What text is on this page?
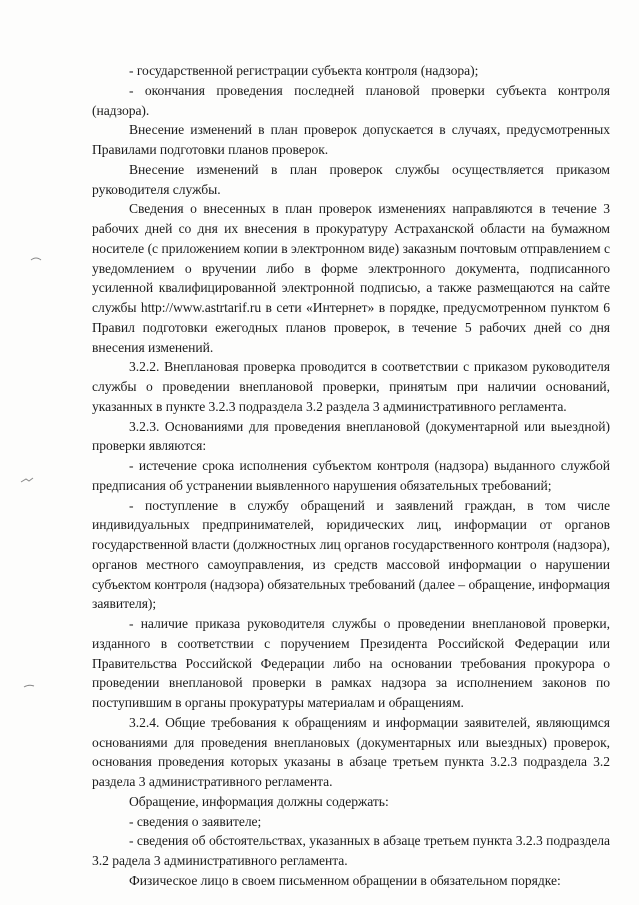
- государственной регистрации субъекта контроля (надзора);

- окончания проведения последней плановой проверки субъекта контроля (надзора).

Внесение изменений в план проверок допускается в случаях, предусмотренных Правилами подготовки планов проверок.

Внесение изменений в план проверок службы осуществляется приказом руководителя службы.

Сведения о внесенных в план проверок изменениях направляются в течение 3 рабочих дней со дня их внесения в прокуратуру Астраханской области на бумажном носителе (с приложением копии в электронном виде) заказным почтовым отправлением с уведомлением о вручении либо в форме электронного документа, подписанного усиленной квалифицированной электронной подписью, а также размещаются на сайте службы http://www.astrtarif.ru в сети «Интернет» в порядке, предусмотренном пунктом 6 Правил подготовки ежегодных планов проверок, в течение 5 рабочих дней со дня внесения изменений.

3.2.2. Внеплановая проверка проводится в соответствии с приказом руководителя службы о проведении внеплановой проверки, принятым при наличии оснований, указанных в пункте 3.2.3 подраздела 3.2 раздела 3 административного регламента.

3.2.3. Основаниями для проведения внеплановой (документарной или выездной) проверки являются:

- истечение срока исполнения субъектом контроля (надзора) выданного службой предписания об устранении выявленного нарушения обязательных требований;

- поступление в службу обращений и заявлений граждан, в том числе индивидуальных предпринимателей, юридических лиц, информации от органов государственной власти (должностных лиц органов государственного контроля (надзора), органов местного самоуправления, из средств массовой информации о нарушении субъектом контроля (надзора) обязательных требований (далее – обращение, информация заявителя);

- наличие приказа руководителя службы о проведении внеплановой проверки, изданного в соответствии с поручением Президента Российской Федерации или Правительства Российской Федерации либо на основании требования прокурора о проведении внеплановой проверки в рамках надзора за исполнением законов по поступившим в органы прокуратуры материалам и обращениям.

3.2.4. Общие требования к обращениям и информации заявителей, являющимся основаниями для проведения внеплановых (документарных или выездных) проверок, основания проведения которых указаны в абзаце третьем пункта 3.2.3 подраздела 3.2 раздела 3 административного регламента.

Обращение, информация должны содержать:

- сведения о заявителе;

- сведения об обстоятельствах, указанных в абзаце третьем пункта 3.2.3 подраздела 3.2 радела 3 административного регламента.

Физическое лицо в своем письменном обращении в обязательном порядке:
